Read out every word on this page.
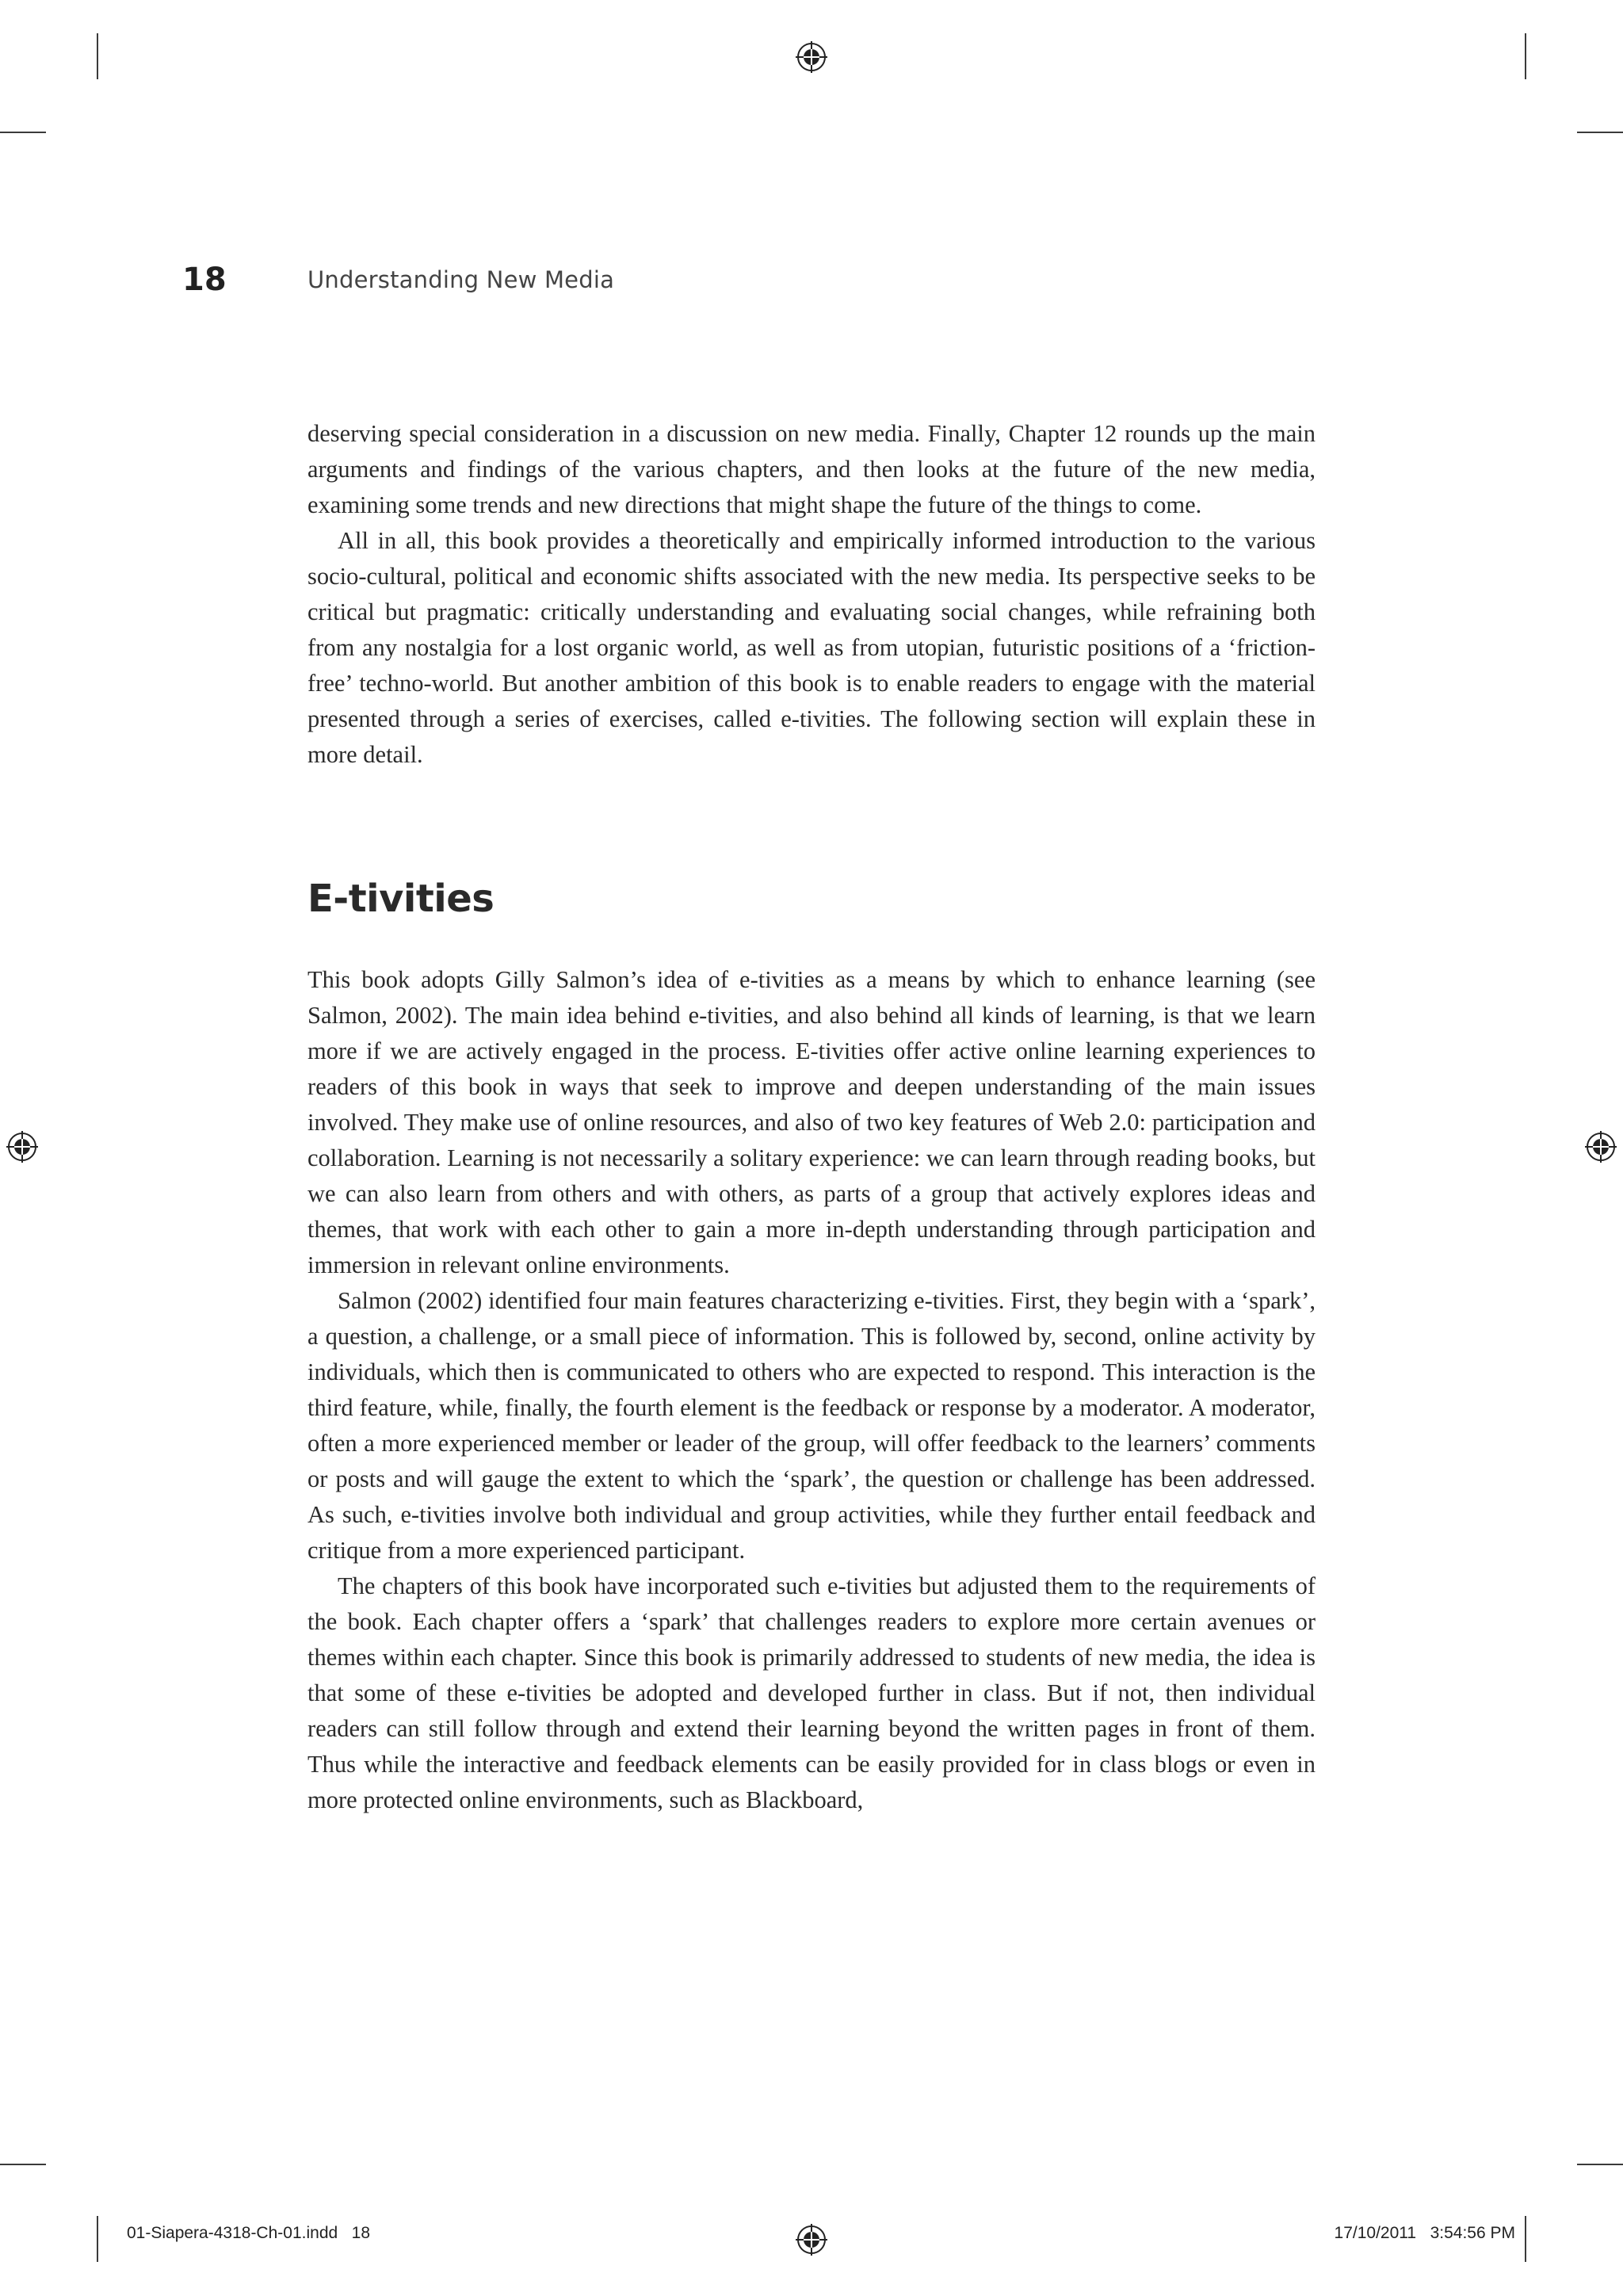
18	Understanding New Media

deserving special consideration in a discussion on new media. Finally, Chapter 12 rounds up the main arguments and findings of the various chapters, and then looks at the future of the new media, examining some trends and new directions that might shape the future of the things to come.

All in all, this book provides a theoretically and empirically informed introduction to the various socio-cultural, political and economic shifts associated with the new media. Its perspective seeks to be critical but pragmatic: critically understanding and evaluating social changes, while refraining both from any nostalgia for a lost organic world, as well as from utopian, futuristic positions of a ‘friction-free’ techno-world. But another ambition of this book is to enable readers to engage with the material presented through a series of exercises, called e-tivities. The following section will explain these in more detail.

E-tivities

This book adopts Gilly Salmon’s idea of e-tivities as a means by which to enhance learning (see Salmon, 2002). The main idea behind e-tivities, and also behind all kinds of learning, is that we learn more if we are actively engaged in the process. E-tivities offer active online learning experiences to readers of this book in ways that seek to improve and deepen understanding of the main issues involved. They make use of online resources, and also of two key features of Web 2.0: participation and collaboration. Learning is not necessarily a solitary experience: we can learn through reading books, but we can also learn from others and with others, as parts of a group that actively explores ideas and themes, that work with each other to gain a more in-depth understanding through participation and immersion in relevant online environments.

Salmon (2002) identified four main features characterizing e-tivities. First, they begin with a ‘spark’, a question, a challenge, or a small piece of information. This is followed by, second, online activity by individuals, which then is communicated to others who are expected to respond. This interaction is the third feature, while, finally, the fourth element is the feedback or response by a moderator. A moderator, often a more experienced member or leader of the group, will offer feedback to the learners’ comments or posts and will gauge the extent to which the ‘spark’, the question or challenge has been addressed. As such, e-tivities involve both individual and group activities, while they further entail feedback and critique from a more experienced participant.

The chapters of this book have incorporated such e-tivities but adjusted them to the requirements of the book. Each chapter offers a ‘spark’ that challenges readers to explore more certain avenues or themes within each chapter. Since this book is primarily addressed to students of new media, the idea is that some of these e-tivities be adopted and developed further in class. But if not, then individual readers can still follow through and extend their learning beyond the written pages in front of them. Thus while the interactive and feedback elements can be easily provided for in class blogs or even in more protected online environments, such as Blackboard,

01-Siapera-4318-Ch-01.indd   18	17/10/2011   3:54:56 PM
